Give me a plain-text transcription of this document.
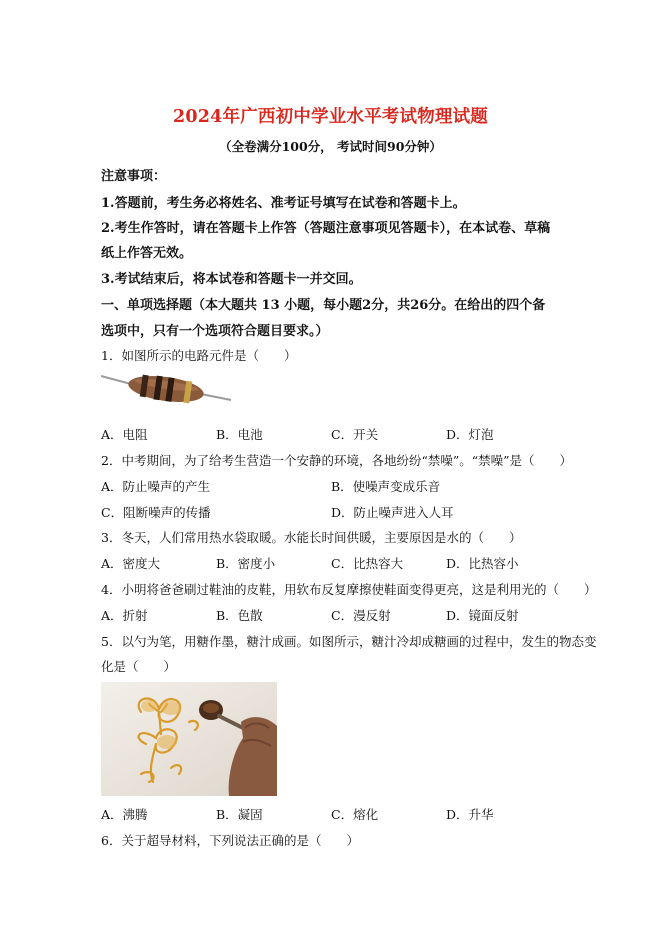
2024年广西初中学业水平考试物理试题
（全卷满分100分， 考试时间90分钟）
注意事项：
1.答题前，考生务必将姓名、准考证号填写在试卷和答题卡上。
2.考生作答时，请在答题卡上作答（答题注意事项见答题卡），在本试卷、草稿
纸上作答无效。
3.考试结束后，将本试卷和答题卡一并交回。
一、单项选择题（本大题共 13 小题，每小题2分，共26分。在给出的四个备
选项中，只有一个选项符合题目要求。）
1．如图所示的电路元件是（　　）
A．电阻	B．电池	C．开关	D．灯泡
2．中考期间，为了给考生营造一个安静的环境，各地纷纷“禁噪”。“禁噪”是（　　）
A．防止噪声的产生	B．使噪声变成乐音
C．阻断噪声的传播	D．防止噪声进入人耳
3．冬天，人们常用热水袋取暖。水能长时间供暖，主要原因是水的（　　）
A．密度大	B．密度小	C．比热容大	D．比热容小
4．小明将爸爸刷过鞋油的皮鞋，用软布反复摩擦使鞋面变得更亮，这是利用光的（　　）
A．折射	B．色散	C．漫反射	D．镜面反射
5．以勺为笔，用糖作墨，糖汁成画。如图所示，糖汁冷却成糖画的过程中，发生的物态变
化是（　　）
A．沸腾	B．凝固	C．熔化	D．升华
6．关于超导材料，下列说法正确的是（　　）
